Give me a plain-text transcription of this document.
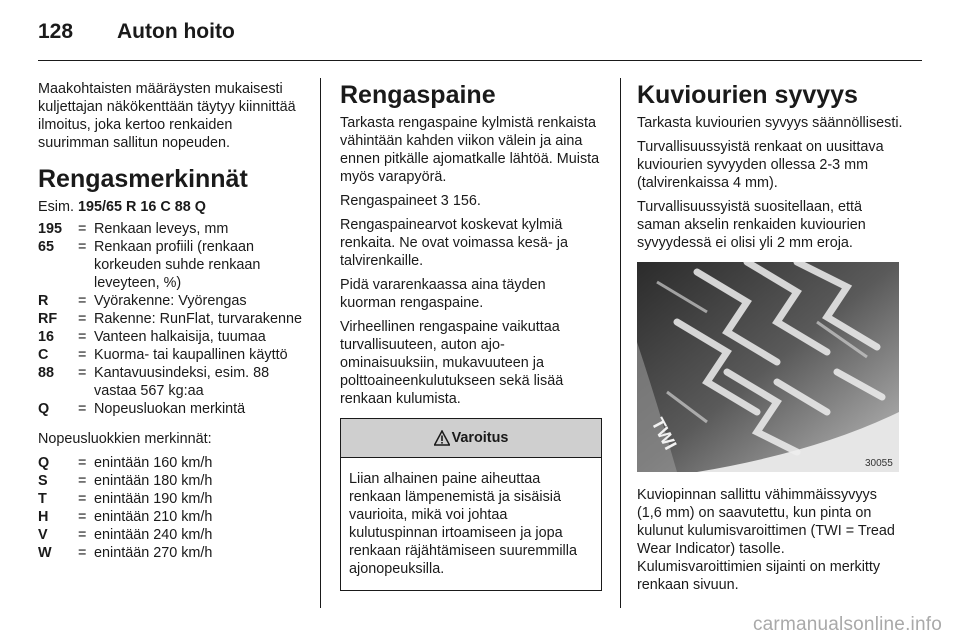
128	Auton hoito

Maakohtaisten määräysten mukaisesti kuljettajan näkökenttään täytyy kiinnittää ilmoitus, joka kertoo renkaiden suurimman sallitun nopeuden.

Rengasmerkinnät
Esim. 195/65 R 16 C 88 Q
195	= Renkaan leveys, mm
65	= Renkaan profiili (renkaan korkeuden suhde renkaan leveyteen, %)
R	= Vyörakenne: Vyörengas
RF	= Rakenne: RunFlat, turvarakenne
16	= Vanteen halkaisija, tuumaa
C	= Kuorma- tai kaupallinen käyttö
88	= Kantavuusindeksi, esim. 88 vastaa 567 kg:aa
Q	= Nopeusluokan merkintä

Nopeusluokkien merkinnät:

Q	= enintään 160 km/h
S	= enintään 180 km/h
T	= enintään 190 km/h
H	= enintään 210 km/h
V	= enintään 240 km/h
W	= enintään 270 km/h
Rengaspaine

Tarkasta rengaspaine kylmistä renkaista vähintään kahden viikon välein ja aina ennen pitkälle ajomatkalle lähtöä. Muista myös varapyörä.

Rengaspaineet 3 156.

Rengaspainearvot koskevat kylmiä renkaita. Ne ovat voimassa kesä- ja talvirenkaille.

Pidä vararenkaassa aina täyden kuorman rengaspaine.

Virheellinen rengaspaine vaikuttaa turvallisuuteen, auton ajo-ominaisuuksiin, mukavuuteen ja polttoaineenkulutukseen sekä lisää renkaan kulumista.

Varoitus
Liian alhainen paine aiheuttaa renkaan lämpenemistä ja sisäisiä vaurioita, mikä voi johtaa kulutuspinnan irtoamiseen ja jopa renkaan räjähtämiseen suuremmilla ajonopeuksilla.
Kuviourien syvyys

Tarkasta kuviourien syvyys säännöllisesti.

Turvallisuussyistä renkaat on uusittava kuviourien syvyyden ollessa 2-3 mm (talvirenkaissa 4 mm).

Turvallisuussyistä suositellaan, että saman akselin renkaiden kuviourien syvyydessä ei olisi yli 2 mm eroja.

TWI
30055

Kuviopinnan sallittu vähimmäissyvyys (1,6 mm) on saavutettu, kun pinta on kulunut kulumisvaroittimen (TWI = Tread Wear Indicator) tasolle. Kulumisvaroittimien sijainti on merkitty renkaan sivuun.

carmanualsonline.info
